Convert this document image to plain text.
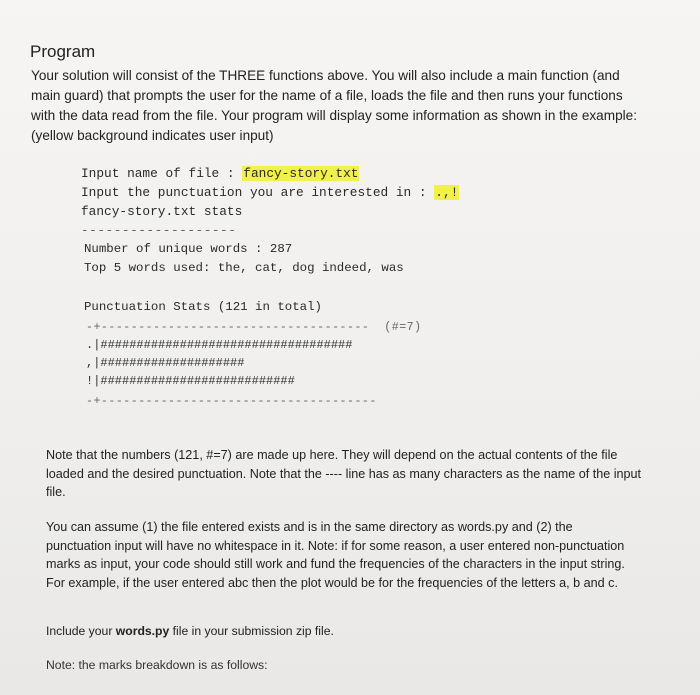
Program
Your solution will consist of the THREE functions above. You will also include a main function (and main guard) that prompts the user for the name of a file, loads the file and then runs your functions with the data read from the file. Your program will display some information as shown in the example: (yellow background indicates user input)
Input name of file : fancy-story.txt
Input the punctuation you are interested in : .,!
fancy-story.txt stats
-------------------
Number of unique words : 287
Top 5 words used: the, cat, dog indeed, was
Punctuation Stats (121 in total)
-+------------------------------------  (#=7)
.|###################################
,|####################
!|###########################
-+-------------------------------------
Note that the numbers (121, #=7) are made up here. They will depend on the actual contents of the file loaded and the desired punctuation. Note that the ---- line has as many characters as the name of the input file.
You can assume (1) the file entered exists and is in the same directory as words.py and (2) the punctuation input will have no whitespace in it. Note: if for some reason, a user entered non-punctuation marks as input, your code should still work and fund the frequencies of the characters in the input string. For example, if the user entered abc then the plot would be for the frequencies of the letters a, b and c.
Include your words.py file in your submission zip file.
Note: the marks breakdown is as follows:
